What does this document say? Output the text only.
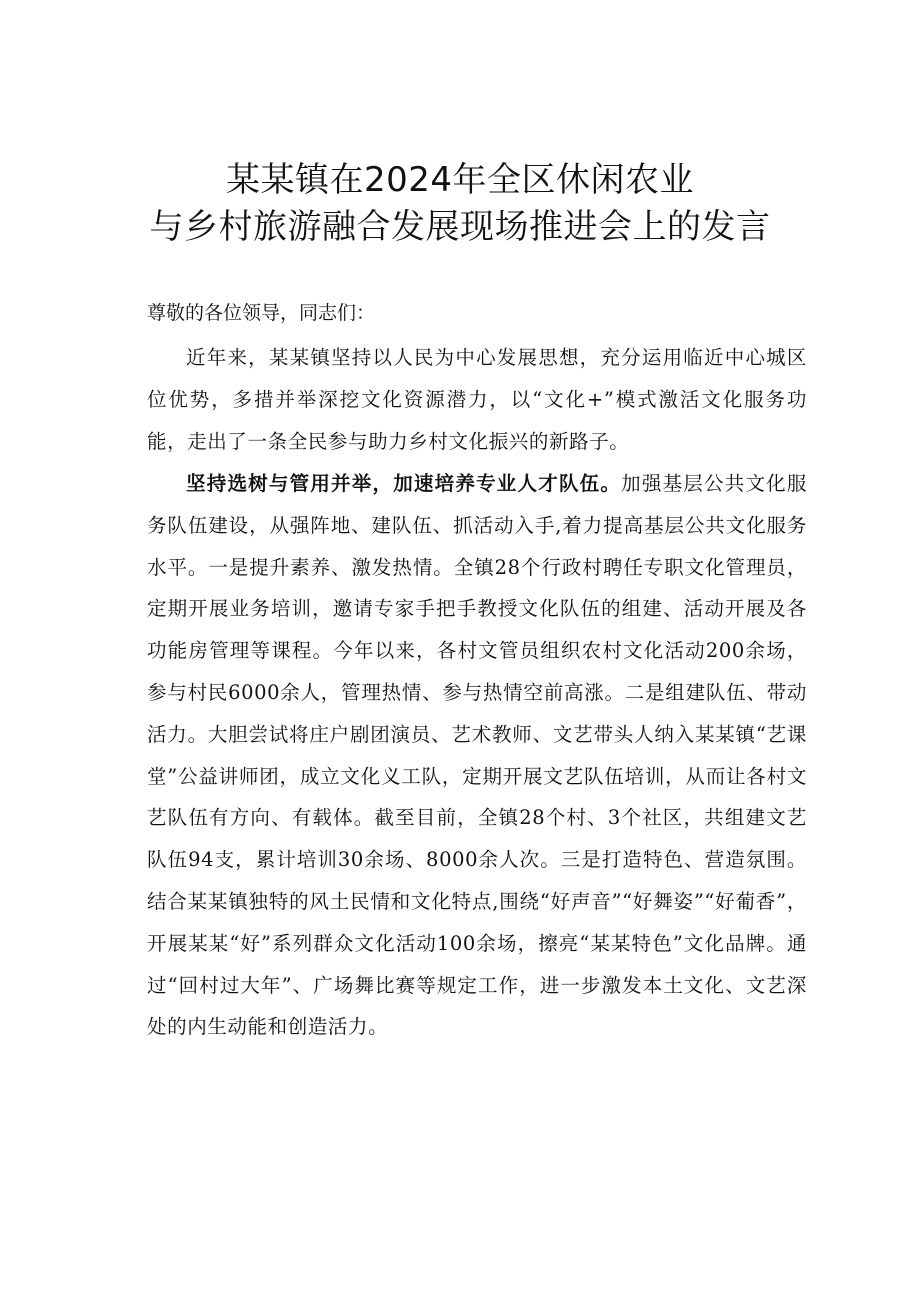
某某镇在2024年全区休闲农业
与乡村旅游融合发展现场推进会上的发言

尊敬的各位领导，同志们：

近年来，某某镇坚持以人民为中心发展思想，充分运用临近中心城区位优势，多措并举深挖文化资源潜力，以“文化+”模式激活文化服务功能，走出了一条全民参与助力乡村文化振兴的新路子。

坚持选树与管用并举，加速培养专业人才队伍。加强基层公共文化服务队伍建设，从强阵地、建队伍、抓活动入手,着力提高基层公共文化服务水平。一是提升素养、激发热情。全镇28个行政村聘任专职文化管理员，定期开展业务培训，邀请专家手把手教授文化队伍的组建、活动开展及各功能房管理等课程。今年以来，各村文管员组织农村文化活动200余场，参与村民6000余人，管理热情、参与热情空前高涨。二是组建队伍、带动活力。大胆尝试将庄户剧团演员、艺术教师、文艺带头人纳入某某镇“艺课堂”公益讲师团，成立文化义工队，定期开展文艺队伍培训，从而让各村文艺队伍有方向、有载体。截至目前，全镇28个村、3个社区，共组建文艺队伍94支，累计培训30余场、8000余人次。三是打造特色、营造氛围。结合某某镇独特的风土民情和文化特点,围绕“好声音”“好舞姿”“好葡香”，开展某某“好”系列群众文化活动100余场，擦亮“某某特色”文化品牌。通过“回村过大年”、广场舞比赛等规定工作，进一步激发本土文化、文艺深处的内生动能和创造活力。
